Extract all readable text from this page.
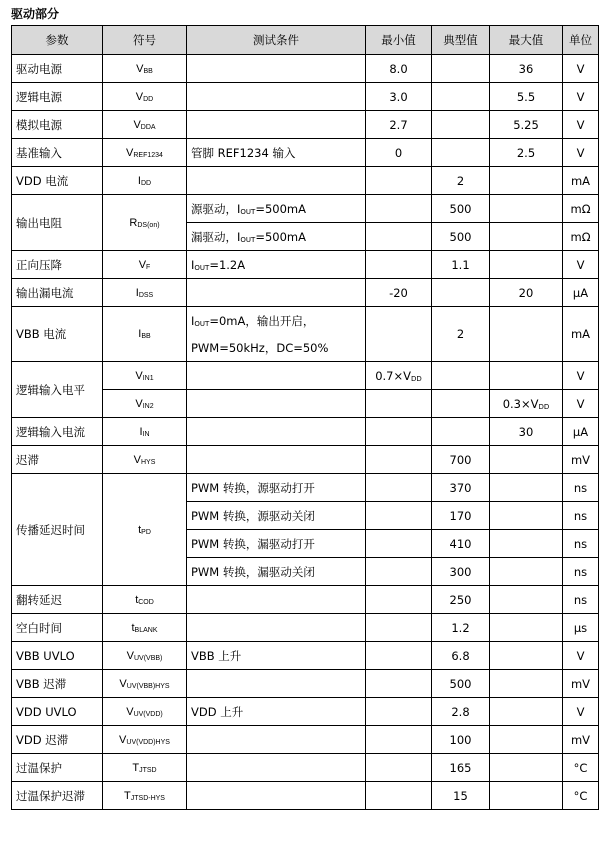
驱动部分
参数	符号	测试条件	最小值	典型值	最大值	单位
驱动电源	$V_{BB}$		8.0		36	V
逻辑电源	$V_{DD}$		3.0		5.5	V
模拟电源	$V_{DDA}$		2.7		5.25	V
基准输入	$V_{REF1234}$	管脚 REF1234 输入	0		2.5	V
VDD 电流	$I_{DD}$			2		mA
输出电阻	$R_{DS(on)}$	源驱动，$I_{OUT}=500mA$		500		mΩ
		漏驱动，$I_{OUT}=500mA$		500		mΩ
正向压降	$V_F$	$I_{OUT}=1.2A$		1.1		V
输出漏电流	$I_{DSS}$		-20		20	μA
VBB 电流	$I_{BB}$	$I_{OUT}=0mA$，输出开启，		2		mA
		PWM=50kHz，DC=50%				
逻辑输入电平	$V_{IN1}$		$0.7\times V_{DD}$			V
	$V_{IN2}$				$0.3\times V_{DD}$	V
逻辑输入电流	$I_{IN}$				30	μA
迟滞	$V_{HYS}$			700		mV
传播延迟时间	$t_{PD}$	PWM 转换，源驱动打开		370		ns
		PWM 转换，源驱动关闭		170		ns
		PWM 转换，漏驱动打开		410		ns
		PWM 转换，漏驱动关闭		300		ns
翻转延迟	$t_{COD}$			250		ns
空白时间	$t_{BLANK}$			1.2		μs
VBB UVLO	$V_{UV(VBB)}$	VBB 上升		6.8		V
VBB 迟滞	$V_{UV(VBB)HYS}$			500		mV
VDD UVLO	$V_{UV(VDD)}$	VDD 上升		2.8		V
VDD 迟滞	$V_{UV(VDD)HYS}$			100		mV
过温保护	$T_{JTSD}$			165		°C
过温保护迟滞	$T_{JTSD-HYS}$			15		°C
